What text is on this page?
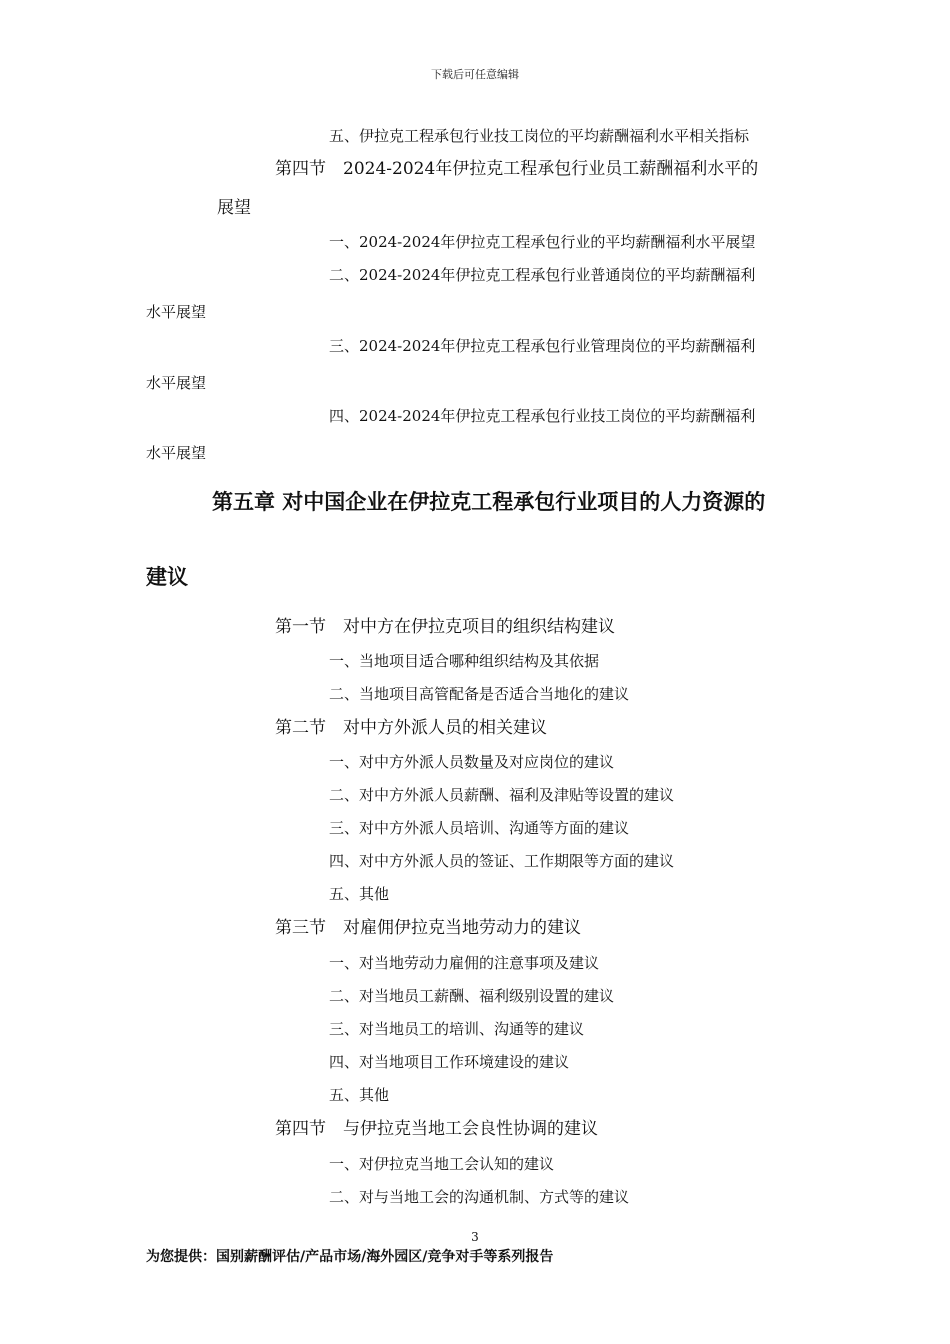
下载后可任意编辑
五、伊拉克工程承包行业技工岗位的平均薪酬福利水平相关指标
第四节　2024-2024年伊拉克工程承包行业员工薪酬福利水平的
展望
一、2024-2024年伊拉克工程承包行业的平均薪酬福利水平展望
二、2024-2024年伊拉克工程承包行业普通岗位的平均薪酬福利
水平展望
三、2024-2024年伊拉克工程承包行业管理岗位的平均薪酬福利
水平展望
四、2024-2024年伊拉克工程承包行业技工岗位的平均薪酬福利
水平展望
第五章 对中国企业在伊拉克工程承包行业项目的人力资源的
建议
第一节　对中方在伊拉克项目的组织结构建议
一、当地项目适合哪种组织结构及其依据
二、当地项目高管配备是否适合当地化的建议
第二节　对中方外派人员的相关建议
一、对中方外派人员数量及对应岗位的建议
二、对中方外派人员薪酬、福利及津贴等设置的建议
三、对中方外派人员培训、沟通等方面的建议
四、对中方外派人员的签证、工作期限等方面的建议
五、其他
第三节　对雇佣伊拉克当地劳动力的建议
一、对当地劳动力雇佣的注意事项及建议
二、对当地员工薪酬、福利级别设置的建议
三、对当地员工的培训、沟通等的建议
四、对当地项目工作环境建设的建议
五、其他
第四节　与伊拉克当地工会良性协调的建议
一、对伊拉克当地工会认知的建议
二、对与当地工会的沟通机制、方式等的建议
3
为您提供：国别薪酬评估/产品市场/海外园区/竞争对手等系列报告
